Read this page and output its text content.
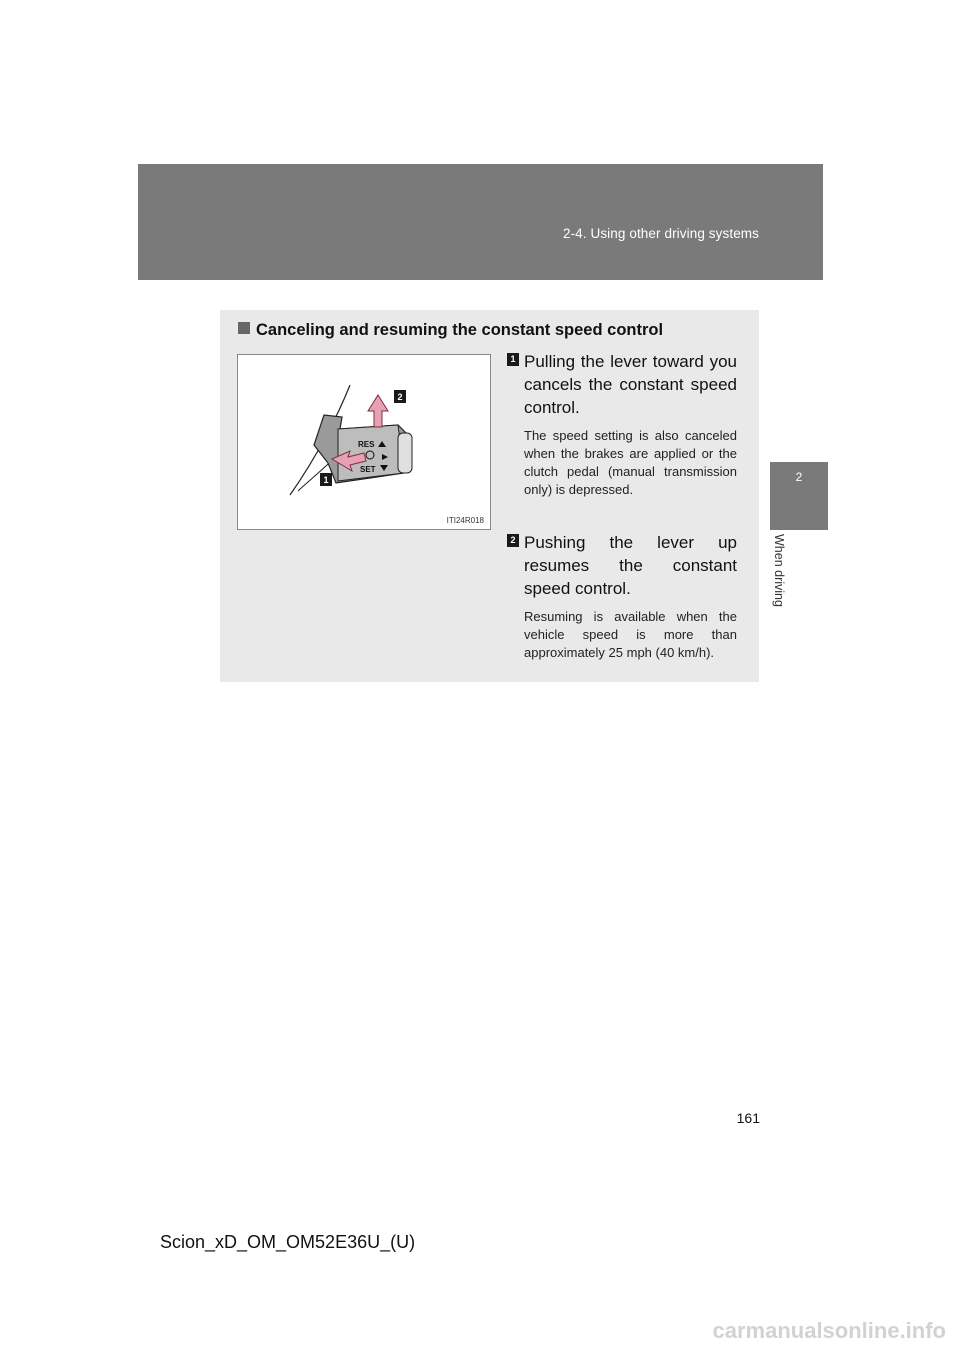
2-4. Using other driving systems
2
When driving
Canceling and resuming the constant speed control
RES
SET
2
1
ITI24R018
1 Pulling the lever toward you cancels the constant speed control.
The speed setting is also canceled when the brakes are applied or the clutch pedal (manual transmission only) is depressed.
2 Pushing the lever up resumes the constant speed control.
Resuming is available when the vehicle speed is more than approximately 25 mph (40 km/h).
161
Scion_xD_OM_OM52E36U_(U)
carmanualsonline.info
